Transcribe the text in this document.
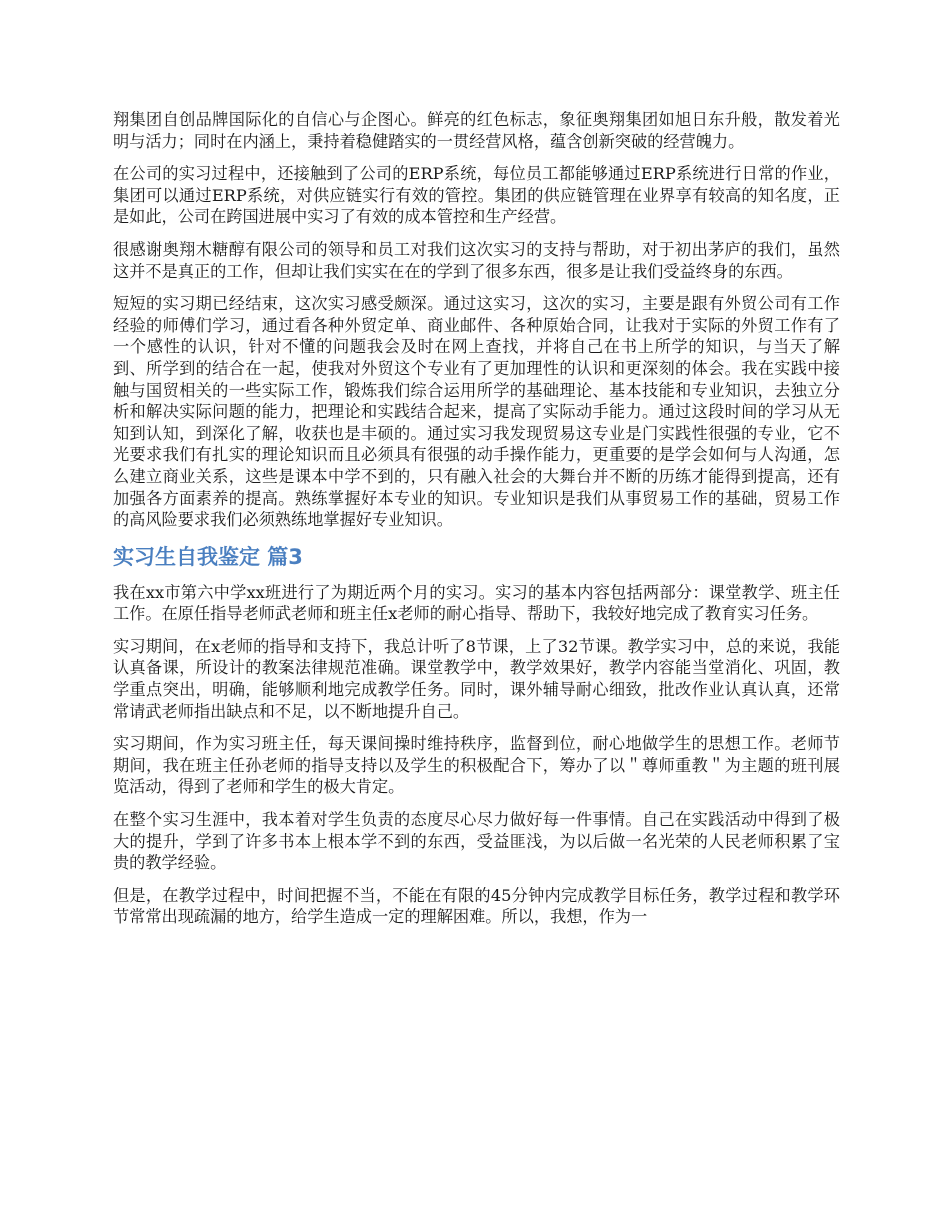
翔集团自创品牌国际化的自信心与企图心。鲜亮的红色标志，象征奥翔集团如旭日东升般，散发着光明与活力；同时在内涵上，秉持着稳健踏实的一贯经营风格，蕴含创新突破的经营魄力。

在公司的实习过程中，还接触到了公司的ERP系统，每位员工都能够通过ERP系统进行日常的作业，集团可以通过ERP系统，对供应链实行有效的管控。集团的供应链管理在业界享有较高的知名度，正是如此，公司在跨国进展中实习了有效的成本管控和生产经营。

很感谢奥翔木糖醇有限公司的领导和员工对我们这次实习的支持与帮助，对于初出茅庐的我们，虽然这并不是真正的工作，但却让我们实实在在的学到了很多东西，很多是让我们受益终身的东西。

短短的实习期已经结束，这次实习感受颇深。通过这实习，这次的实习，主要是跟有外贸公司有工作经验的师傅们学习，通过看各种外贸定单、商业邮件、各种原始合同，让我对于实际的外贸工作有了一个感性的认识，针对不懂的问题我会及时在网上查找，并将自己在书上所学的知识，与当天了解到、所学到的结合在一起，使我对外贸这个专业有了更加理性的认识和更深刻的体会。我在实践中接触与国贸相关的一些实际工作，锻炼我们综合运用所学的基础理论、基本技能和专业知识，去独立分析和解决实际问题的能力，把理论和实践结合起来，提高了实际动手能力。通过这段时间的学习从无知到认知，到深化了解，收获也是丰硕的。通过实习我发现贸易这专业是门实践性很强的专业，它不光要求我们有扎实的理论知识而且必须具有很强的动手操作能力，更重要的是学会如何与人沟通，怎么建立商业关系，这些是课本中学不到的，只有融入社会的大舞台并不断的历练才能得到提高，还有加强各方面素养的提高。熟练掌握好本专业的知识。专业知识是我们从事贸易工作的基础，贸易工作的高风险要求我们必须熟练地掌握好专业知识。

实习生自我鉴定 篇3

我在xx市第六中学xx班进行了为期近两个月的实习。实习的基本内容包括两部分：课堂教学、班主任工作。在原任指导老师武老师和班主任x老师的耐心指导、帮助下，我较好地完成了教育实习任务。

实习期间，在x老师的指导和支持下，我总计听了8节课，上了32节课。教学实习中，总的来说，我能认真备课，所设计的教案法律规范准确。课堂教学中，教学效果好，教学内容能当堂消化、巩固，教学重点突出，明确，能够顺利地完成教学任务。同时，课外辅导耐心细致，批改作业认真认真，还常常请武老师指出缺点和不足，以不断地提升自己。

实习期间，作为实习班主任，每天课间操时维持秩序，监督到位，耐心地做学生的思想工作。老师节期间，我在班主任孙老师的指导支持以及学生的积极配合下，筹办了以＂尊师重教＂为主题的班刊展览活动，得到了老师和学生的极大肯定。

在整个实习生涯中，我本着对学生负责的态度尽心尽力做好每一件事情。自己在实践活动中得到了极大的提升，学到了许多书本上根本学不到的东西，受益匪浅，为以后做一名光荣的人民老师积累了宝贵的教学经验。

但是，在教学过程中，时间把握不当，不能在有限的45分钟内完成教学目标任务，教学过程和教学环节常常出现疏漏的地方，给学生造成一定的理解困难。所以，我想，作为一
